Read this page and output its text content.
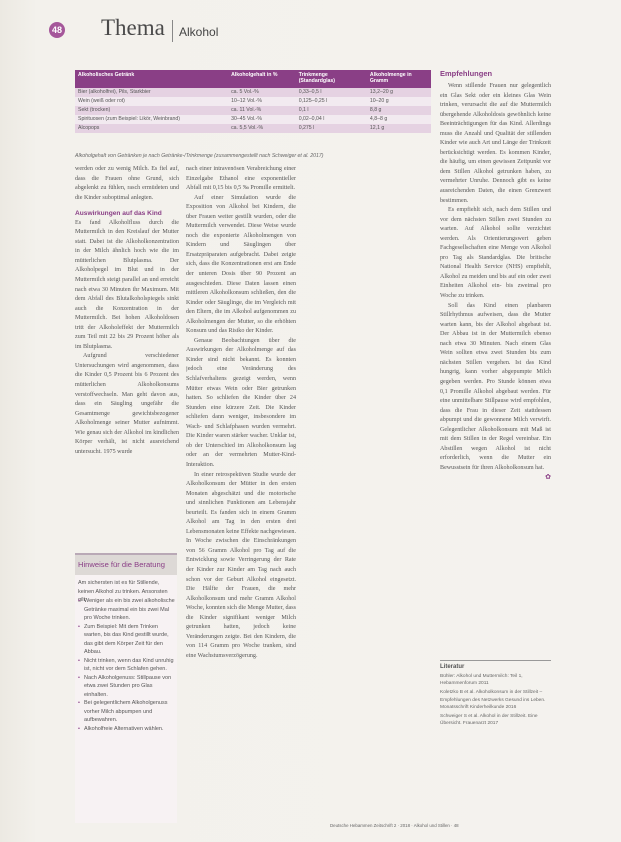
48 Thema Alkohol
Alkoholisches Getränk	Alkoholgehalt in %	Trinkmenge (Standardglas)	Alkoholmenge in Gramm
Bier (alkoholfrei), Pils, Starkbier	ca. 5 Vol.-%	0,33–0,5 l	13,2–20 g
Wein (weiß oder rot)	10–12 Vol.-%	0,125–0,25 l	10–20 g
Sekt (trocken)	ca. 11 Vol.-%	0,1 l	8,8 g
Spirituosen (zum Beispiel: Likör, Weinbrand)	30–45 Vol.-%	0,02–0,04 l	4,8–8 g
Alcopops	ca. 5,5 Vol.-%	0,275 l	12,1 g
Alkoholgehalt von Getränken je nach Getränke-/Trinkmenge (zusammengestellt nach Schweiger et al. 2017)

werden oder zu wenig Milch. Es fiel auf, dass die Frauen ohne Grund, sich abgelenkt zu fühlen, rasch ermüdeten und die Kinder suboptimal anlegten.

Auswirkungen auf das Kind

Es fand Alkoholfluss durch die Muttermilch in den Kreislauf der Mutter statt. Dabei ist die Alkoholkonzentration in der Milch ähnlich hoch wie die im mütterlichen Blutplasma. Der Alkoholpegel im Blut und in der Muttermilch steigt parallel an und erreicht nach etwa 30 Minuten ihr Maximum. Mit dem Abfall des Blutalkoholspiegels sinkt auch die Konzentration in der Muttermilch. Bei hohen Alkoholdosen tritt der Alkoholeffekt der Muttermilch zum Teil mit 22 bis 29 Prozent höher als im Blutplasma.

Aufgrund verschiedener Untersuchungen wird angenommen, dass die Kinder 0,5 Prozent bis 6 Prozent des mütterlichen Alkoholkonsums verstoffwechseln. Man geht davon aus, dass ein Säugling ungefähr die Gesamtmenge gewichtsbezogener Alkoholmenge seiner Mutter aufnimmt. Wie genau sich der Alkohol im kindlichen Körper verhält, ist nicht ausreichend untersucht. 1975 wurde

Hinweise für die Beratung
Am sichersten ist es für Stillende, keinen Alkohol zu trinken. Ansonsten gilt:
• Weniger als ein bis zwei alkoholische Getränke maximal ein bis zwei Mal pro Woche trinken.
• Zum Beispiel: Mit dem Trinken warten, bis das Kind gestillt wurde, das gibt dem Körper Zeit für den Abbau.
• Nicht trinken, wenn das Kind unruhig ist, nicht vor dem Schlafen gehen.
• Nach Alkoholgenuss: Stillpause von etwa zwei Stunden pro Glas einhalten.
• Bei gelegentlichem Alkoholgenuss vorher Milch abpumpen und aufbewahren.
• Alkoholfreie Alternativen wählen.

nach einer intravenösen Verabreichung einer Einzelgabe Ethanol eine exponentieller Abfall mit 0,15 bis 0,5 ‰ Promille ermittelt.

Auf einer Simulation wurde die Exposition von Alkohol bei Kindern, die über Frauen weiter gestillt wurden, oder die Muttermilch verwendet. Diese Weise wurde noch die exponierte Alkoholmengen von Kindern und Säuglingen über Ersatzpräparaten aufgebracht. Dabei zeigte sich, dass die Konzentrationen erst am Ende der unteren Dosis über 90 Prozent an ausgeschieden. Diese Daten lassen einen mittleren Alkoholkonsum schließen, den die Kinder oder Säuglinge, die im Vergleich mit den Eltern, die im Alkohol aufgenommen zu Alkoholmengen der Mutter, so die erhöhten Konsum und das Risiko der Kinder.

Genaue Beobachtungen über die Auswirkungen der Alkoholmenge auf das Kinder sind nicht bekannt. Es konnten jedoch eine Veränderung des Schlafverhaltens gezeigt werden, wenn Mütter etwas Wein oder Bier getrunken hatten. So schliefen die Kinder über 24 Stunden eine kürzere Zeit. Die Kinder schliefen dann weniger, insbesondere im Wach- und Schlafphasen wurden vermehrt. Die Kinder waren stärker wacher. Unklar ist, ob der Unterschied im Alkoholkonsum lag oder an der vermehrten Mutter-Kind-Interaktion.

In einer retrospektiven Studie wurde der Alkoholkonsum der Mütter in den ersten Monaten abgeschätzt und die motorische und sinnlichen Funktionen am Lebensjahr beurteilt. Es fanden sich in einem Gramm Alkohol am Tag in den ersten drei Lebensmonaten keine Effekte nachgewiesen. In Woche zwischen die Einschränkungen von 56 Gramm Alkohol pro Tag auf die Entwicklung sowie Verringerung der Rate der Kinder zur Kinder am Tag nach auch schon vor der Geburt Alkohol eingesetzt. Die Hälfte der Frauen, die mehr Alkoholkonsum und mehr Gramm Alkohol Woche, konnten sich die Menge Mutter, dass die Kinder signifikant weniger Milch getrunken hatten, jedoch keine Veränderungen zeigte. Bei den Kindern, die von 114 Gramm pro Woche tranken, sind eine Wachstumsverzögerung.

Empfehlungen

Wenn stillende Frauen nur gelegentlich ein Glas Sekt oder ein kleines Glas Wein trinken, verursacht die auf die Muttermilch übergehende Alkoholdosis gewöhnlich keine Beeinträchtigungen für das Kind. Allerdings muss die Anzahl und Qualität der stillenden Kinder wie auch Art und Länge der Trinkzeit berücksichtigt werden. Es kommen Kinder, die häufig, um einen gewissen Zeitpunkt vor dem Stillen Alkohol getrunken haben, zu vermehrter Unruhe. Dennoch gibt es keine ausreichenden Daten, die einen Grenzwert bestimmen.

Es empfiehlt sich, nach dem Stillen und vor dem nächsten Stillen zwei Stunden zu warten. Auf Alkohol sollte verzichtet werden. Als Orientierungswert geben Fachgesellschaften eine Menge von Alkohol pro Tag als Standardglas. Die britische National Health Service (NHS) empfiehlt, Alkohol zu meiden und bis auf ein oder zwei Einheiten Alkohol ein- bis zweimal pro Woche zu trinken.

Soll das Kind einen planbaren Stillrhythmus aufweisen, dass die Mutter warten kann, bis der Alkohol abgebaut ist. Der Abbau ist in der Muttermilch ebenso nach etwa 30 Minuten. Nach einem Glas Wein sollten etwa zwei Stunden bis zum nächsten Stillen vergehen. Ist das Kind hungrig, kann vorher abgepumpte Milch gegeben werden. Pro Stunde können etwa 0,1 Promille Alkohol abgebaut werden. Für eine unmittelbare Stillpause wird empfohlen, dass die Frau in dieser Zeit stattdessen abpumpt und die gewonnene Milch verwirft. Gelegentlicher Alkoholkonsum mit Maß ist mit dem Stillen in der Regel vereinbar. Ein Abstillen wegen Alkohol ist nicht erforderlich, wenn die Mutter ein Bewusstsein für ihren Alkoholkonsum hat.

✿

Literatur

Bühler: Alkohol und Muttermilch: Teil 1, Hebammenforum 2011

Koletzko B et al. Alkoholkonsum in der Stillzeit – Empfehlungen des Netzwerks Gesund ins Leben. Monatsschrift Kinderheilkunde 2016

Schweiger S et al. Alkohol in der Stillzeit. Eine Übersicht. Frauenarzt 2017

Deutsche Hebammen Zeitschrift 2 · 2018 · Alkohol und Stillen · 48
